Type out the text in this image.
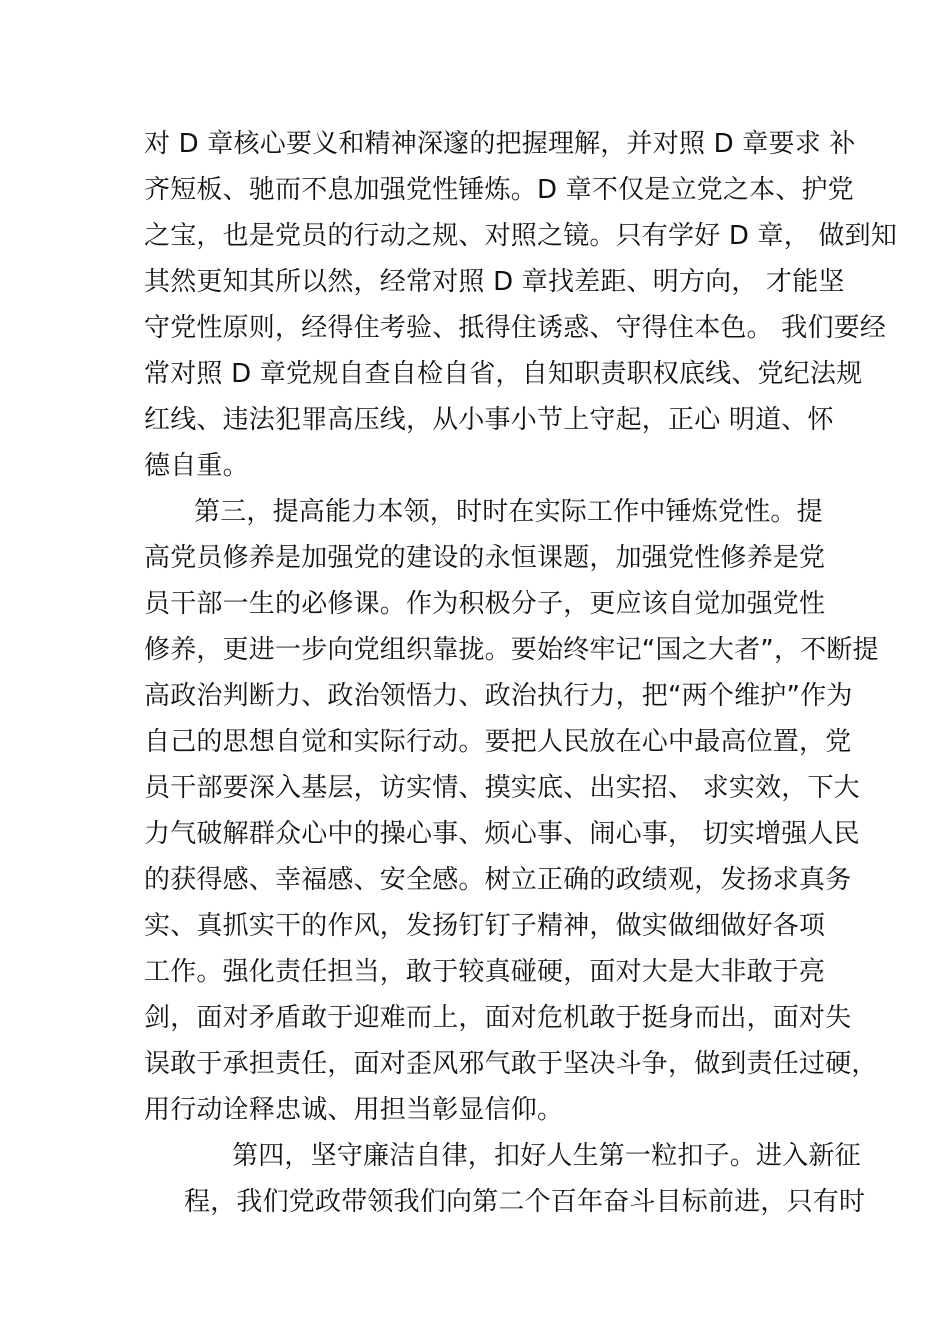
对 D 章核心要义和精神深邃的把握理解，并对照 D 章要求 补
齐短板、驰而不息加强党性锤炼。D 章不仅是立党之本、护党
之宝，也是党员的行动之规、对照之镜。只有学好 D 章， 做到知
其然更知其所以然，经常对照 D 章找差距、明方向， 才能坚
守党性原则，经得住考验、抵得住诱惑、守得住本色。 我们要经
常对照 D 章党规自查自检自省，自知职责职权底线、党纪法规
红线、违法犯罪高压线，从小事小节上守起，正心 明道、怀
德自重。
第三，提高能力本领，时时在实际工作中锤炼党性。提
高党员修养是加强党的建设的永恒课题，加强党性修养是党
员干部一生的必修课。作为积极分子，更应该自觉加强党性
修养，更进一步向党组织靠拢。要始终牢记“国之大者”，不断提
高政治判断力、政治领悟力、政治执行力，把“两个维护”作为
自己的思想自觉和实际行动。要把人民放在心中最高位置，党
员干部要深入基层，访实情、摸实底、出实招、 求实效，下大
力气破解群众心中的操心事、烦心事、闹心事， 切实增强人民
的获得感、幸福感、安全感。树立正确的政绩观，发扬求真务
实、真抓实干的作风，发扬钉钉子精神，做实做细做好各项
工作。强化责任担当，敢于较真碰硬，面对大是大非敢于亮
剑，面对矛盾敢于迎难而上，面对危机敢于挺身而出，面对失
误敢于承担责任，面对歪风邪气敢于坚决斗争，做到责任过硬，
用行动诠释忠诚、用担当彰显信仰。
第四，坚守廉洁自律，扣好人生第一粒扣子。进入新征
程，我们党政带领我们向第二个百年奋斗目标前进，只有时
